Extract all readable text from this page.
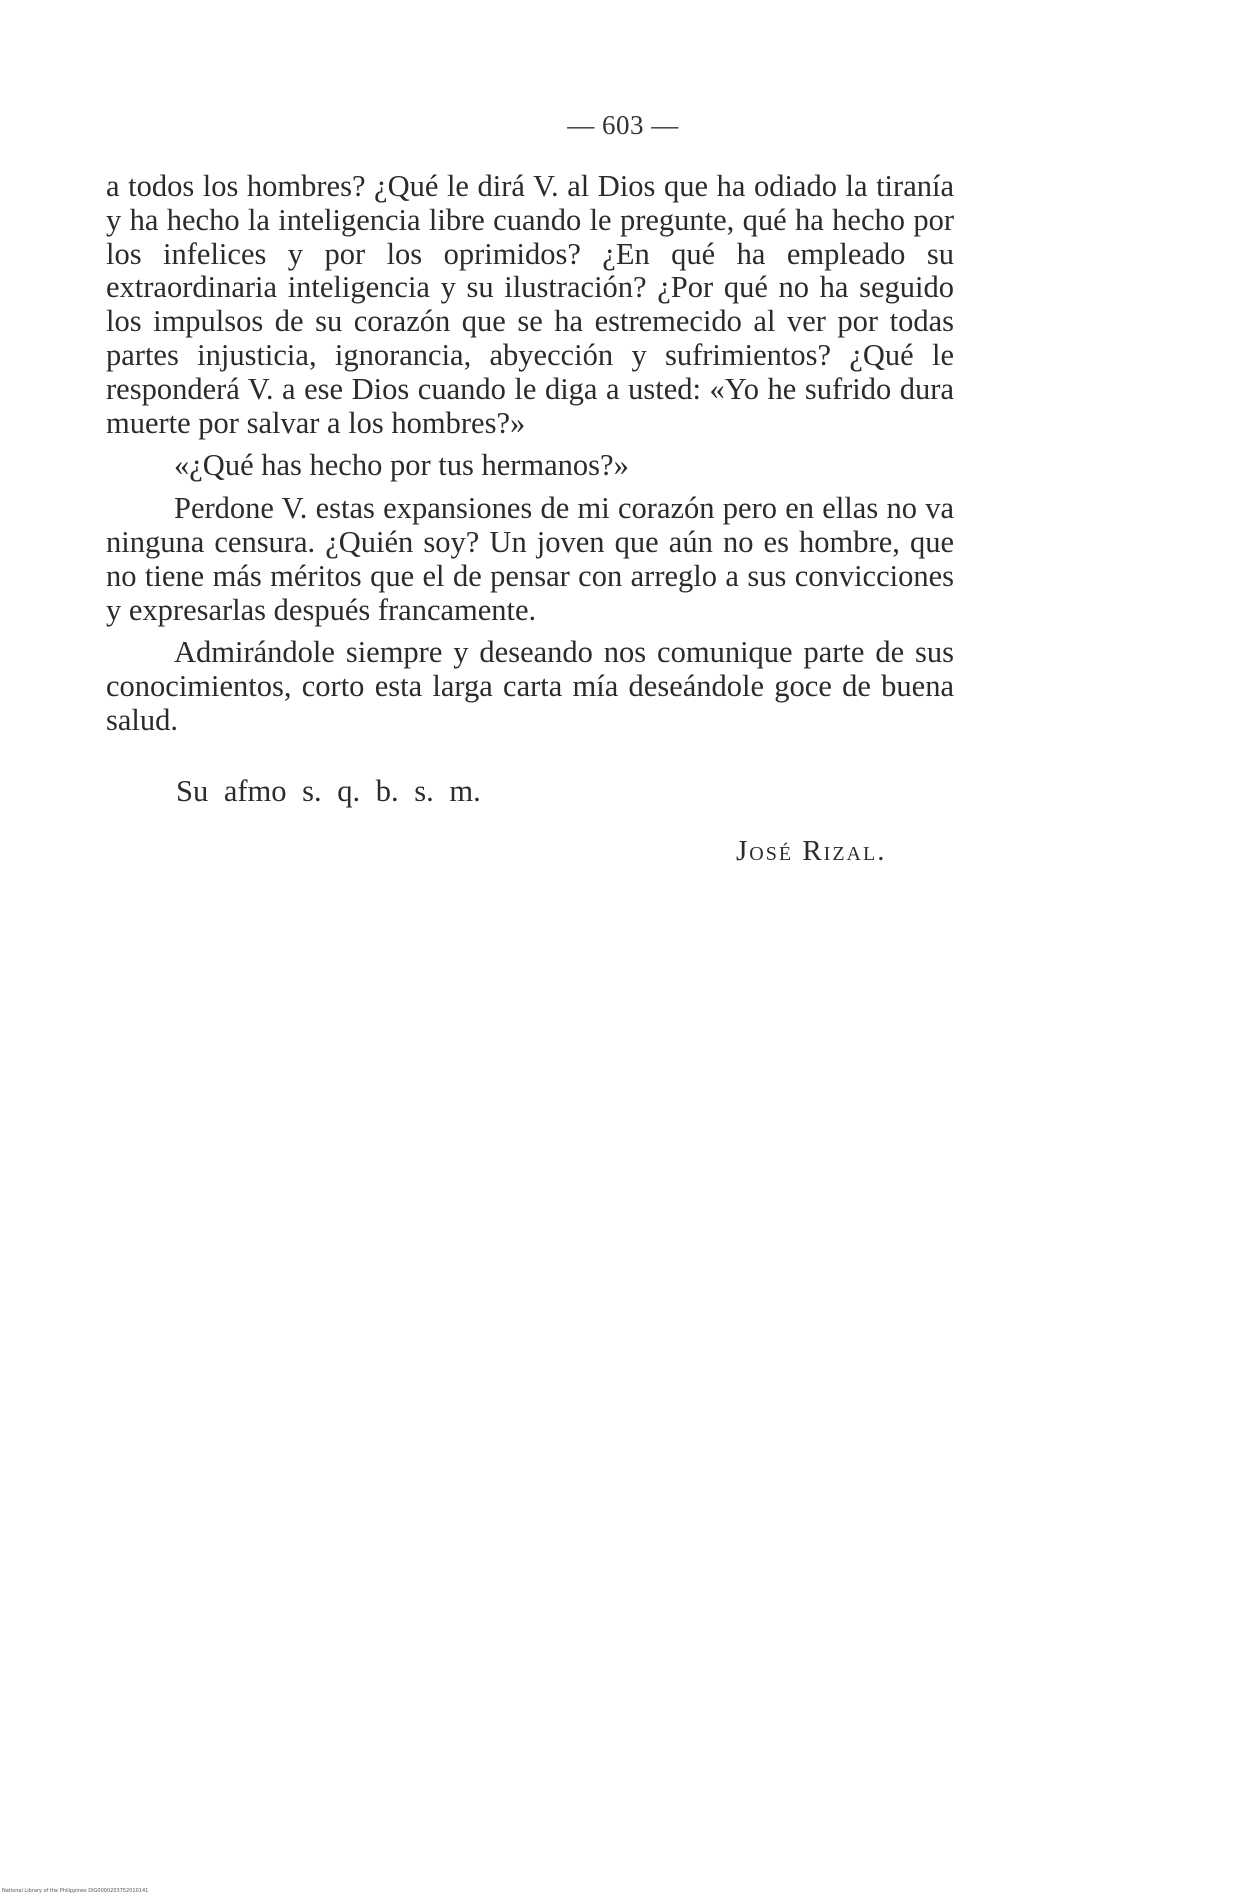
— 603 —

a todos los hombres? ¿Qué le dirá V. al Dios que ha odiado la tiranía y ha hecho la inteligencia libre cuando le pregunte, qué ha hecho por los infelices y por los oprimidos? ¿En qué ha empleado su extraordinaria inteligencia y su ilustración? ¿Por qué no ha seguido los impulsos de su corazón que se ha estremecido al ver por todas partes injusticia, ignorancia, abyección y sufrimientos? ¿Qué le responderá V. a ese Dios cuando le diga a usted: «Yo he sufrido dura muerte por salvar a los hombres?»

«¿Qué has hecho por tus hermanos?»

Perdone V. estas expansiones de mi corazón pero en ellas no va ninguna censura. ¿Quién soy? Un joven que aún no es hombre, que no tiene más méritos que el de pensar con arreglo a sus convicciones y expresarlas después francamente.

Admirándole siempre y deseando nos comunique parte de sus conocimientos, corto esta larga carta mía deseándole goce de buena salud.

Su afmo s. q. b. s. m.
José Rizal.
National Library of the Philippines DIG0000203752010141
